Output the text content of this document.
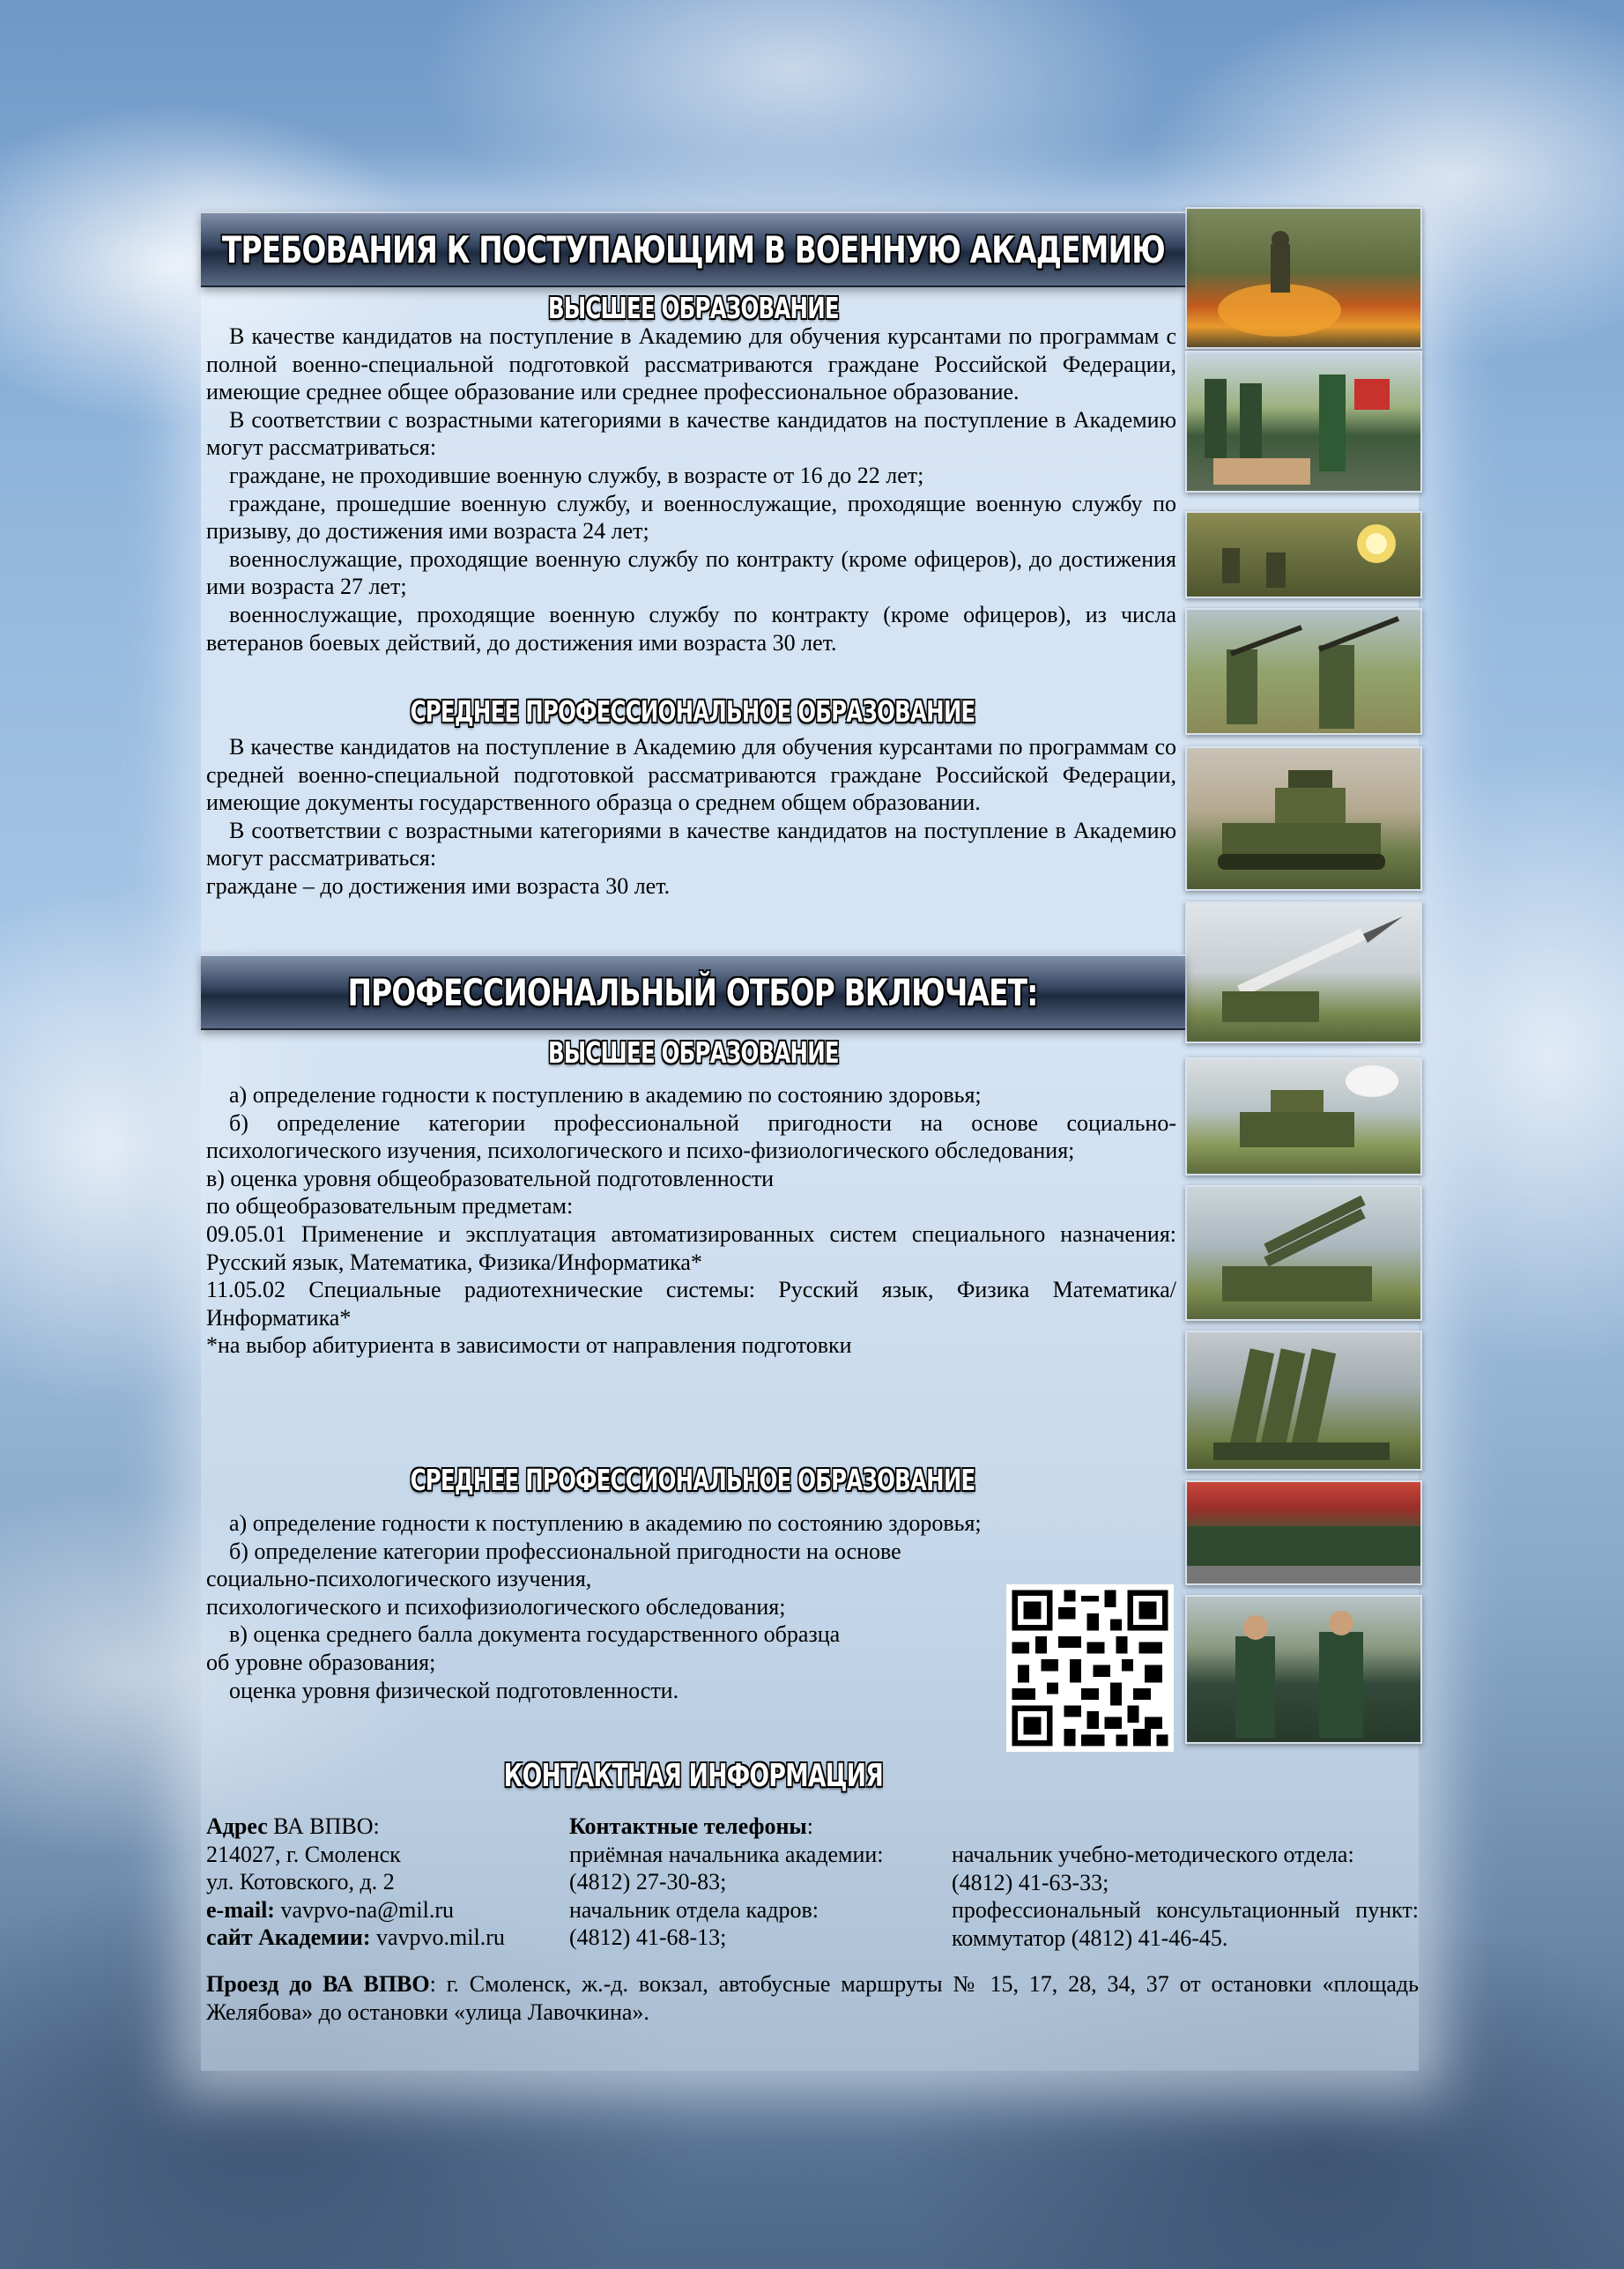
ТРЕБОВАНИЯ К ПОСТУПАЮЩИМ В ВОЕННУЮ АКАДЕМИЮ
ВЫСШЕЕ ОБРАЗОВАНИЕ

В качестве кандидатов на поступление в Академию для обучения курсантами по программам с полной военно-специальной подготовкой рассматриваются граждане Российской Федерации, имеющие среднее общее образование или среднее профессиональное образование.

В соответствии с возрастными категориями в качестве кандидатов на поступление в Академию могут рассматриваться:

граждане, не проходившие военную службу, в возрасте от 16 до 22 лет;

граждане, прошедшие военную службу, и военнослужащие, проходящие военную службу по призыву, до достижения ими возраста 24 лет;

военнослужащие, проходящие военную службу по контракту (кроме офицеров), до достижения ими возраста 27 лет;

военнослужащие, проходящие военную службу по контракту (кроме офицеров), из числа ветеранов боевых действий, до достижения ими возраста 30 лет.

СРЕДНЕЕ ПРОФЕССИОНАЛЬНОЕ ОБРАЗОВАНИЕ

В качестве кандидатов на поступление в Академию для обучения курсантами по программам со средней военно-специальной подготовкой рассматриваются граждане Российской Федерации, имеющие документы государственного образца о среднем общем образовании.

В соответствии с возрастными категориями в качестве кандидатов на поступление в Академию могут рассматриваться:

граждане – до достижения ими возраста 30 лет.

ПРОФЕССИОНАЛЬНЫЙ ОТБОР ВКЛЮЧАЕТ:
ВЫСШЕЕ ОБРАЗОВАНИЕ

а) определение годности к поступлению в академию по состоянию здоровья;

б) определение категории профессиональной пригодности на основе социально-психологического изучения, психологического и психо-физиологического обследования;

в) оценка уровня общеобразовательной подготовленности

по общеобразовательным предметам:

09.05.01 Применение и эксплуатация автоматизированных систем специального назначения: Русский язык, Математика, Физика/Информатика*

11.05.02 Специальные радиотехнические системы: Русский язык, Физика Математика/ Информатика*

*на выбор абитуриента в зависимости от направления подготовки

СРЕДНЕЕ ПРОФЕССИОНАЛЬНОЕ ОБРАЗОВАНИЕ

а) определение годности к поступлению в академию по состоянию здоровья;

б) определение категории профессиональной пригодности на основе

социально-психологического изучения,

психологического и психофизиологического обследования;

в) оценка среднего балла документа государственного образца

об уровне образования;

оценка уровня физической подготовленности.

КОНТАКТНАЯ ИНФОРМАЦИЯ
Адрес ВА ВПВО:
214027, г. Смоленск
ул. Котовского, д. 2
e-mail: vavpvo-na@mil.ru
сайт Академии: vavpvo.mil.ru
Контактные телефоны:
приёмная начальника академии:
(4812) 27-30-83;
начальник отдела кадров:
(4812) 41-68-13;
начальник учебно-методического отдела:
(4812) 41-63-33;
профессиональный консультационный пункт: коммутатор (4812) 41-46-45.
Проезд до ВА ВПВО: г. Смоленск, ж.-д. вокзал, автобусные маршруты № 15, 17, 28, 34, 37 от остановки «площадь Желябова» до остановки «улица Лавочкина».
